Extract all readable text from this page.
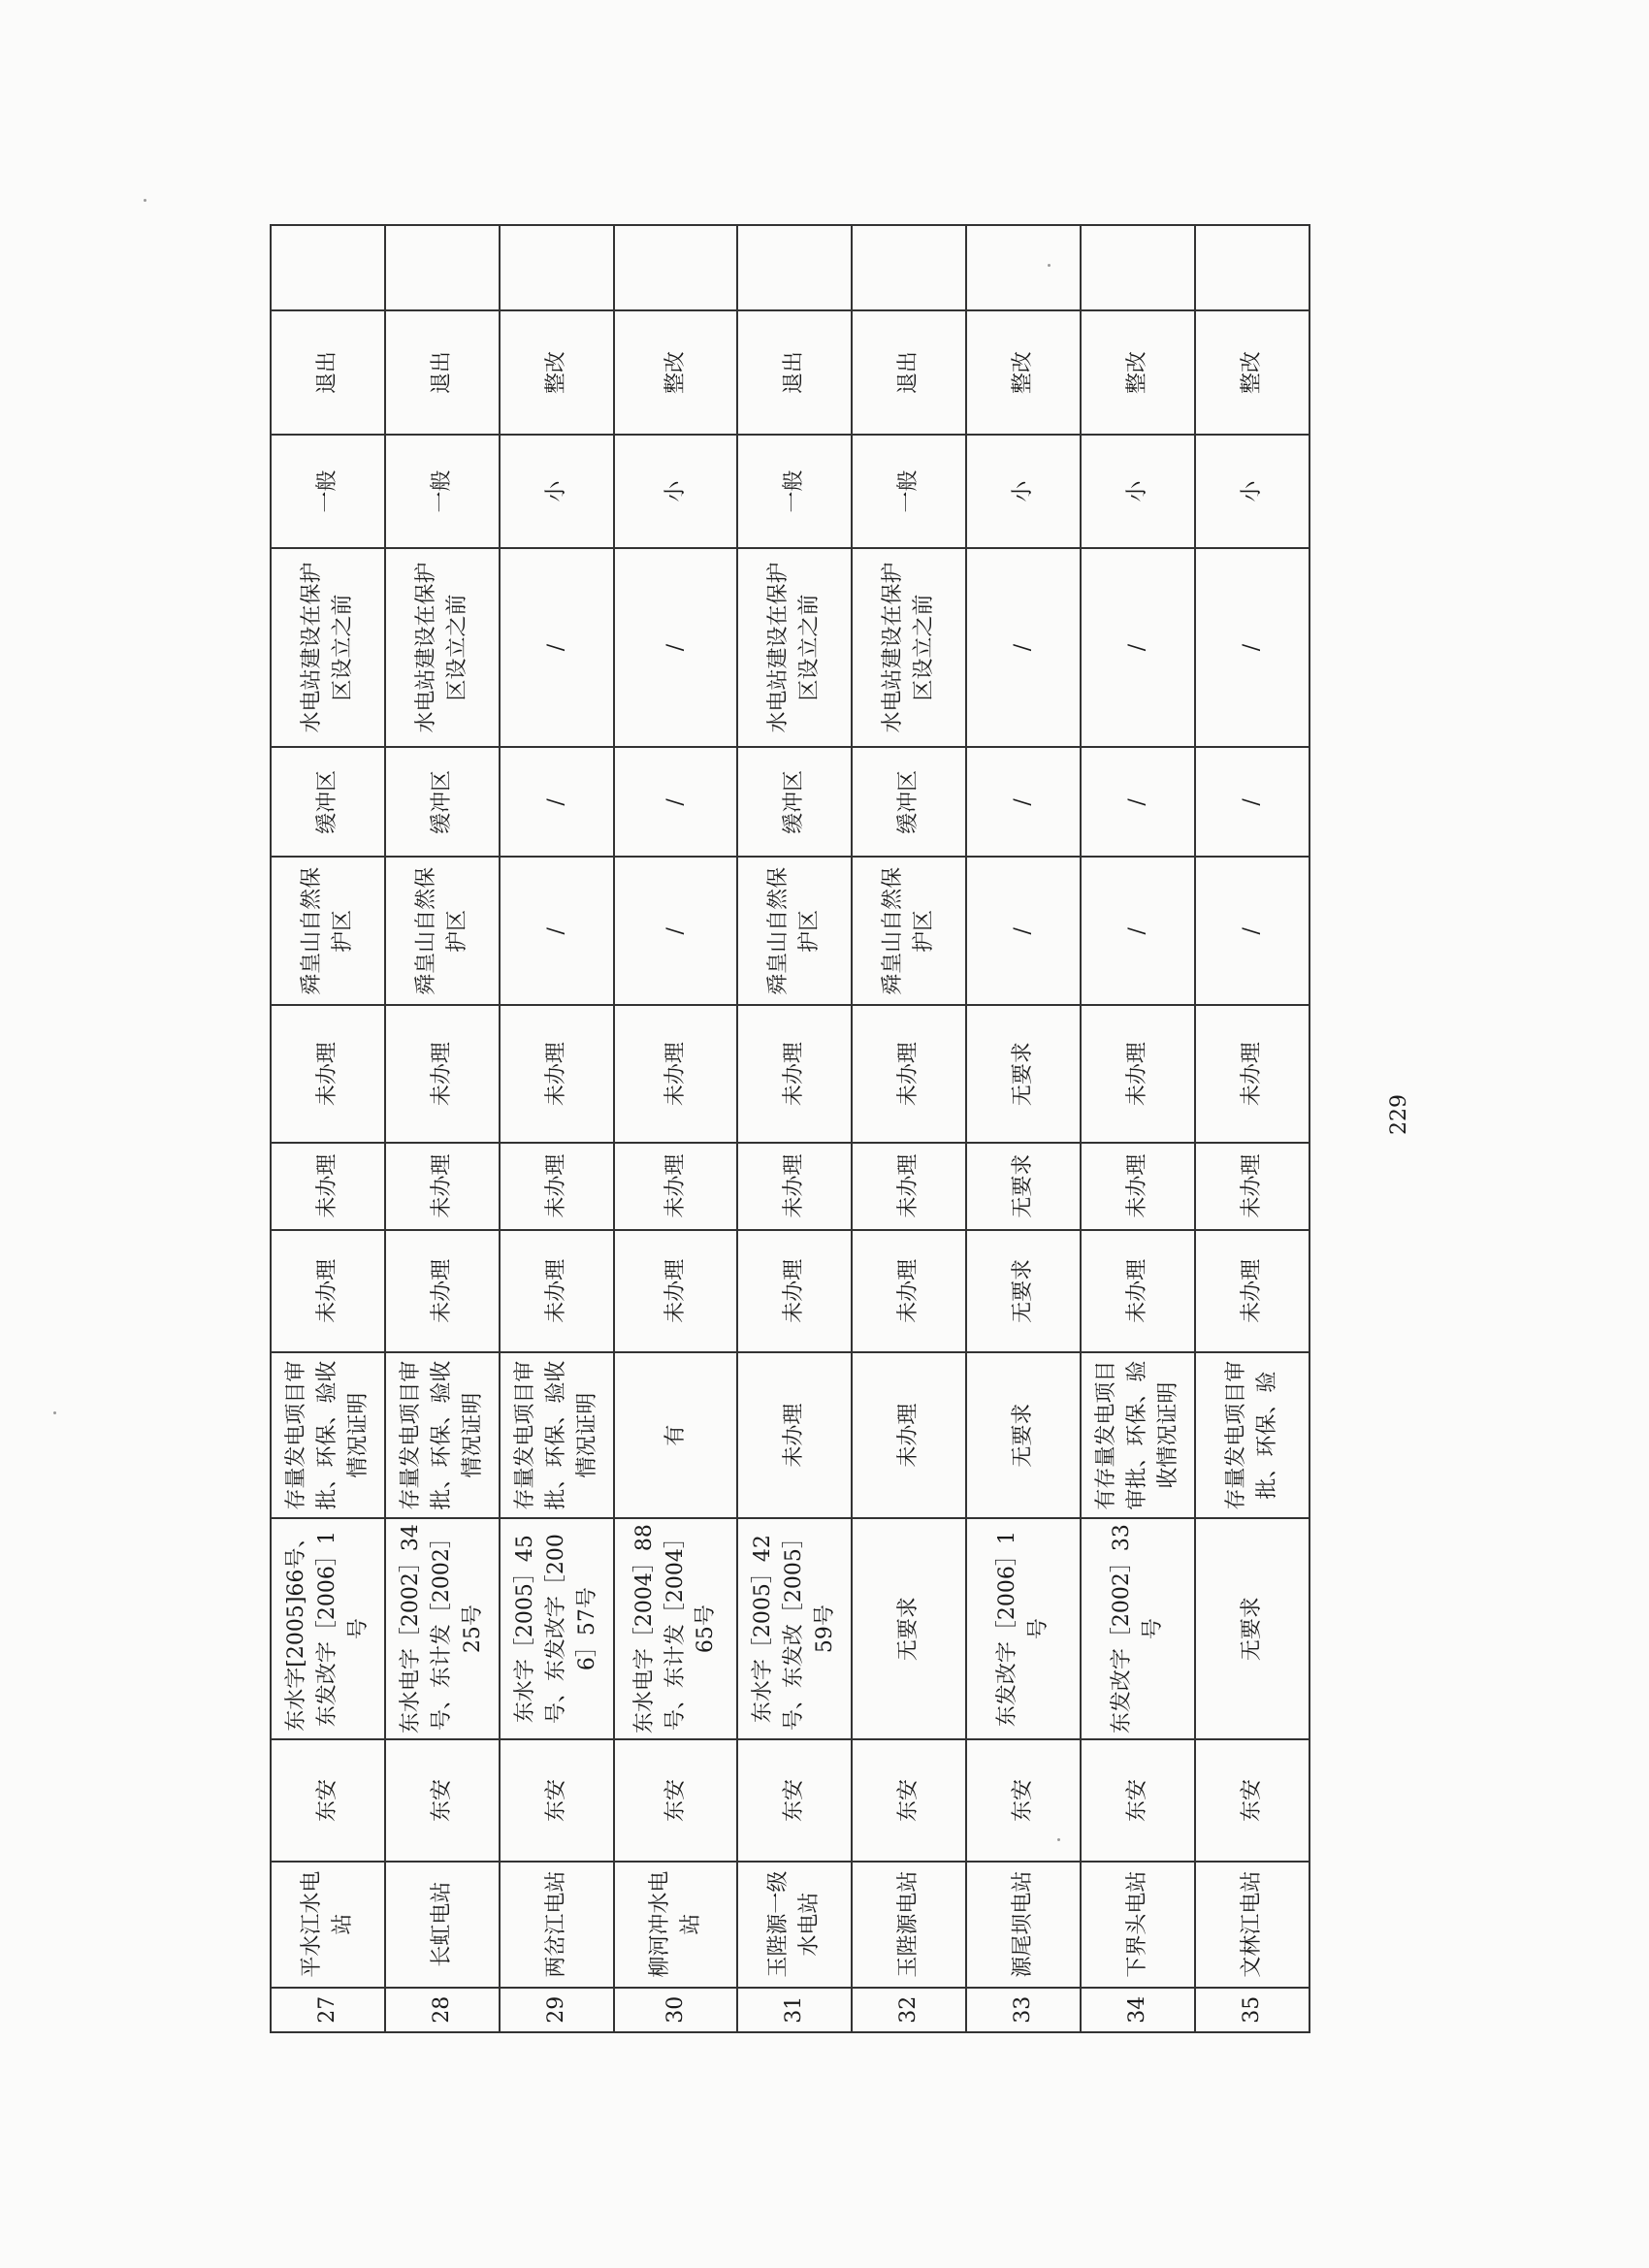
27	平水江水电站	东安	东水字[2005]66号、东发改字［2006］1号	存量发电项目审批、环保、验收情况证明	未办理	未办理	未办理	舜皇山自然保护区	缓冲区	水电站建设在保护区设立之前	一般	退出	
28	长虹电站	东安	东水电字［2002］34号、东计发［2002］25号	存量发电项目审批、环保、验收情况证明	未办理	未办理	未办理	舜皇山自然保护区	缓冲区	水电站建设在保护区设立之前	一般	退出	
29	两岔江电站	东安	东水字［2005］45号、东发改字［2006］57号	存量发电项目审批、环保、验收情况证明	未办理	未办理	未办理	/	/	/	小	整改	
30	柳河冲水电站	东安	东水电字［2004］88号、东计发［2004］65号	有	未办理	未办理	未办理	/	/	/	小	整改	
31	玉陛源一级水电站	东安	东水字［2005］42号、东发改［2005］59号	未办理	未办理	未办理	未办理	舜皇山自然保护区	缓冲区	水电站建设在保护区设立之前	一般	退出	
32	玉陛源电站	东安	无要求	未办理	未办理	未办理	未办理	舜皇山自然保护区	缓冲区	水电站建设在保护区设立之前	一般	退出	
33	源尾坝电站	东安	东发改字［2006］1号	无要求	无要求	无要求	无要求	/	/	/	小	整改	
34	下界头电站	东安	东发改字［2002］33号	有存量发电项目审批、环保、验收情况证明	未办理	未办理	未办理	/	/	/	小	整改	
35	文林江电站	东安	无要求	存量发电项目审批、环保、验	未办理	未办理	未办理	/	/	/	小	整改	
229
